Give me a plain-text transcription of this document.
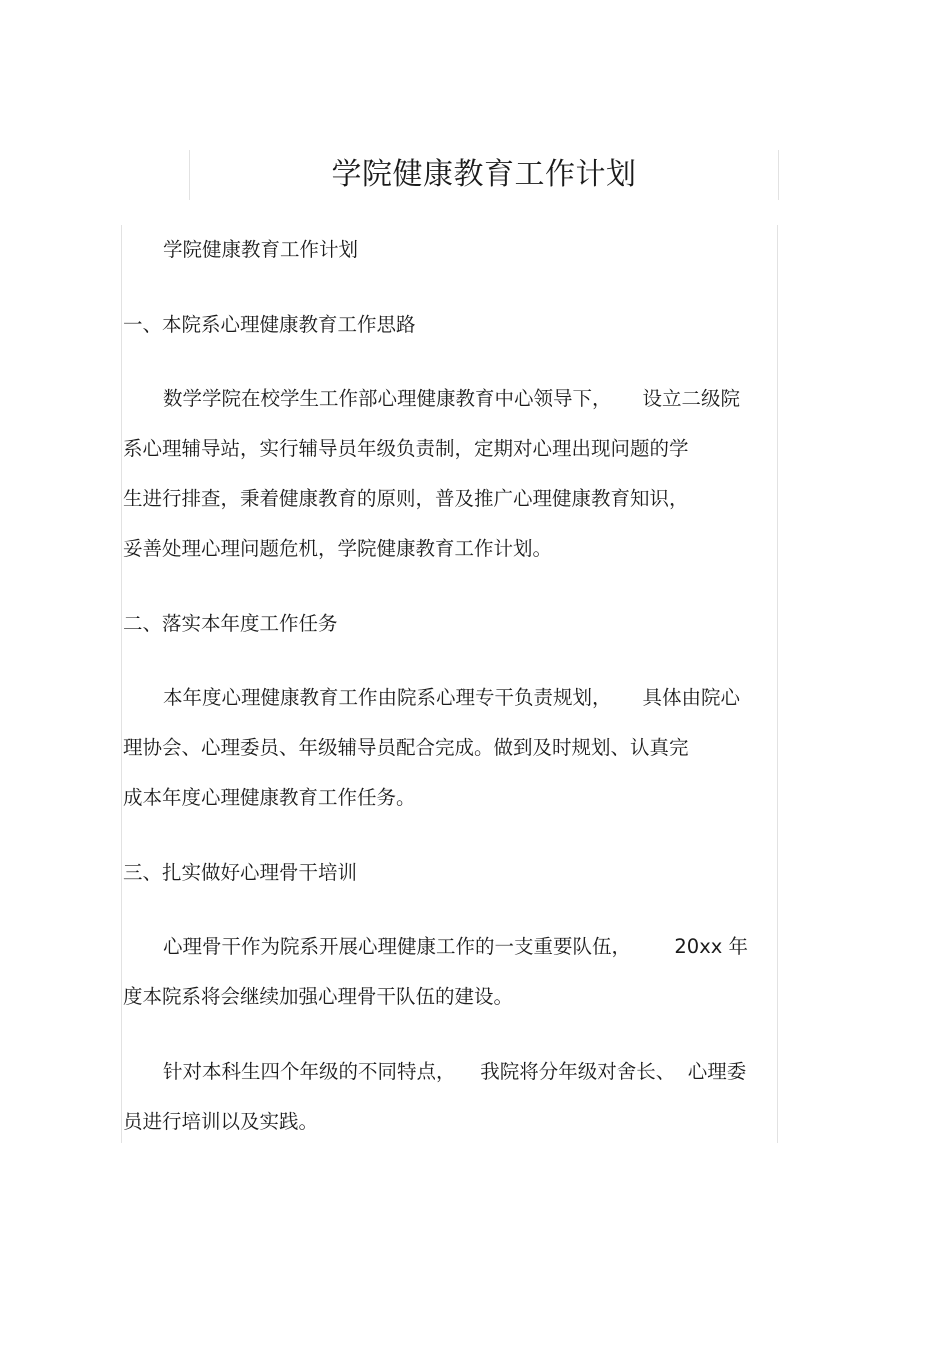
学院健康教育工作计划
学院健康教育工作计划
一、本院系心理健康教育工作思路
数学学院在校学生工作部心理健康教育中心领导下，     设立二级院
系心理辅导站，实行辅导员年级负责制，定期对心理出现问题的学
生进行排查，秉着健康教育的原则，普及推广心理健康教育知识，
妥善处理心理问题危机，学院健康教育工作计划。
二、落实本年度工作任务
本年度心理健康教育工作由院系心理专干负责规划，     具体由院心
理协会、心理委员、年级辅导员配合完成。做到及时规划、认真完
成本年度心理健康教育工作任务。
三、扎实做好心理骨干培训
心理骨干作为院系开展心理健康工作的一支重要队伍，       20xx 年
度本院系将会继续加强心理骨干队伍的建设。
针对本科生四个年级的不同特点，    我院将分年级对舍长、  心理委
员进行培训以及实践。
